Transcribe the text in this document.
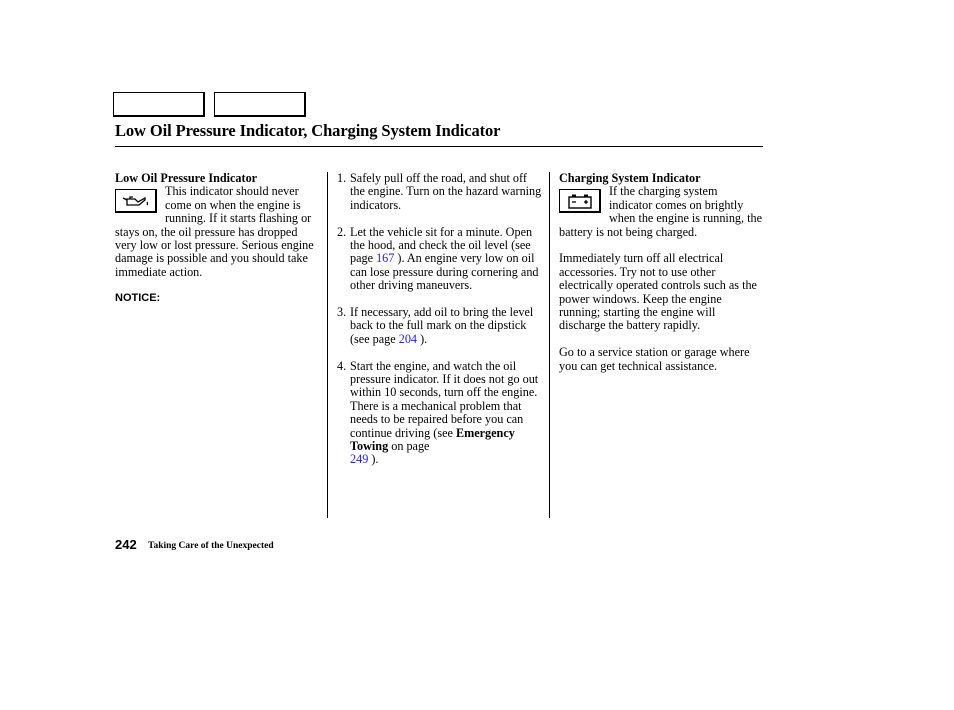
Low Oil Pressure Indicator, Charging System Indicator
Low Oil Pressure Indicator

This indicator should never come on when the engine is running. If it starts flashing or stays on, the oil pressure has dropped very low or lost pressure. Serious engine damage is possible and you should take immediate action.

NOTICE:

1. Safely pull off the road, and shut off the engine. Turn on the hazard warning indicators.
2. Let the vehicle sit for a minute. Open the hood, and check the oil level (see page 167 ). An engine very low on oil can lose pressure during cornering and other driving maneuvers.
3. If necessary, add oil to bring the level back to the full mark on the dipstick (see page 204 ).
4. Start the engine, and watch the oil pressure indicator. If it does not go out within 10 seconds, turn off the engine. There is a mechanical problem that needs to be repaired before you can continue driving (see Emergency Towing on page
249 ).
Charging System Indicator

If the charging system indicator comes on brightly when the engine is running, the battery is not being charged.

Immediately turn off all electrical accessories. Try not to use other electrically operated controls such as the power windows. Keep the engine running; starting the engine will discharge the battery rapidly.

Go to a service station or garage where you can get technical assistance.

242 Taking Care of the Unexpected
